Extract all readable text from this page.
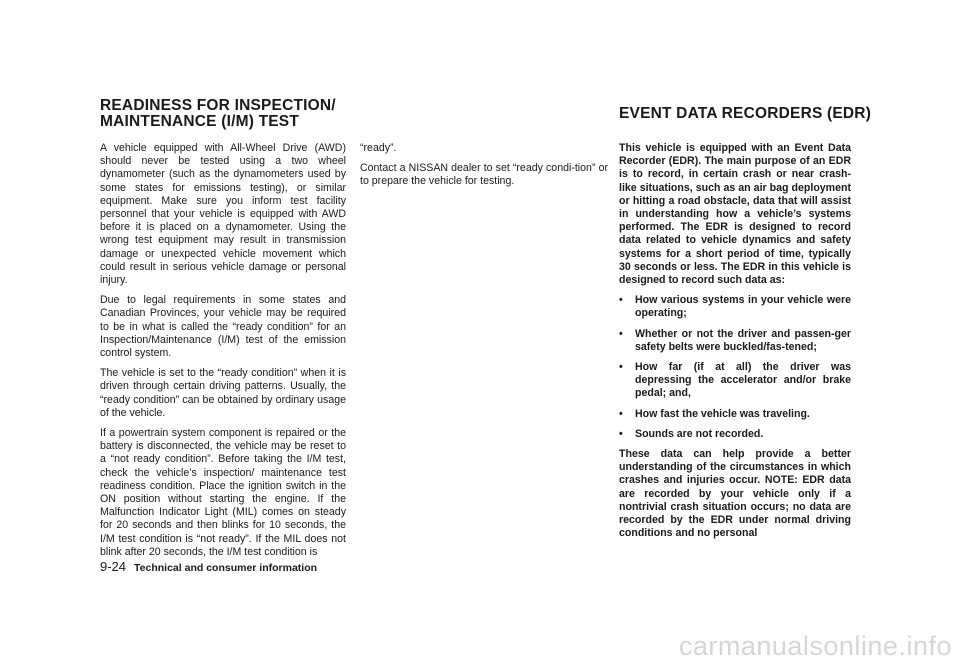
READINESS FOR INSPECTION/ MAINTENANCE (I/M) TEST	EVENT DATA RECORDERS (EDR)

A vehicle equipped with All-Wheel Drive (AWD) should never be tested using a two wheel dynamometer (such as the dynamometers used by some states for emissions testing), or similar equipment. Make sure you inform test facility personnel that your vehicle is equipped with AWD before it is placed on a dynamometer. Using the wrong test equipment may result in transmission damage or unexpected vehicle movement which could result in serious vehicle damage or personal injury.

Due to legal requirements in some states and Canadian Provinces, your vehicle may be required to be in what is called the “ready condition” for an Inspection/Maintenance (I/M) test of the emission control system.

The vehicle is set to the “ready condition” when it is driven through certain driving patterns. Usually, the “ready condition” can be obtained by ordinary usage of the vehicle.

If a powertrain system component is repaired or the battery is disconnected, the vehicle may be reset to a “not ready condition”. Before taking the I/M test, check the vehicle’s inspection/ maintenance test readiness condition. Place the ignition switch in the ON position without starting the engine. If the Malfunction Indicator Light (MIL) comes on steady for 20 seconds and then blinks for 10 seconds, the I/M test condition is “not ready”. If the MIL does not blink after 20 seconds, the I/M test condition is

“ready”.

Contact a NISSAN dealer to set “ready condi-tion” or to prepare the vehicle for testing.

This vehicle is equipped with an Event Data Recorder (EDR). The main purpose of an EDR is to record, in certain crash or near crash-like situations, such as an air bag deployment or hitting a road obstacle, data that will assist in understanding how a vehicle’s systems performed. The EDR is designed to record data related to vehicle dynamics and safety systems for a short period of time, typically 30 seconds or less. The EDR in this vehicle is designed to record such data as:

• How various systems in your vehicle were operating;
• Whether or not the driver and passen-ger safety belts were buckled/fas-tened;
• How far (if at all) the driver was depressing the accelerator and/or brake pedal; and,
• How fast the vehicle was traveling.
• Sounds are not recorded.

These data can help provide a better understanding of the circumstances in which crashes and injuries occur. NOTE: EDR data are recorded by your vehicle only if a nontrivial crash situation occurs; no data are recorded by the EDR under normal driving conditions and no personal

9-24 Technical and consumer information
carmanualsonline.info
